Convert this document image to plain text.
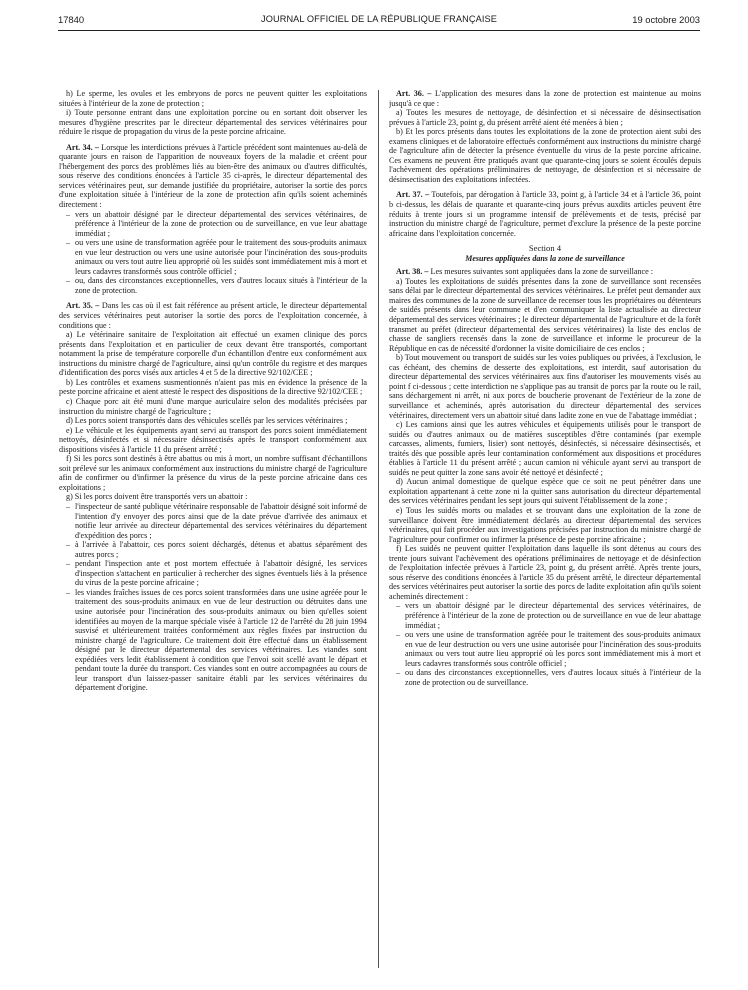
17840	JOURNAL OFFICIEL DE LA RÉPUBLIQUE FRANÇAISE	19 octobre 2003

h) Le sperme, les ovules et les embryons de porcs ne peuvent quitter les exploitations situées à l'intérieur de la zone de protection ;

i) Toute personne entrant dans une exploitation porcine ou en sortant doit observer les mesures d'hygiène prescrites par le directeur départemental des services vétérinaires pour réduire le risque de propagation du virus de la peste porcine africaine.

Art. 34. – Lorsque les interdictions prévues à l'article précédent sont maintenues au-delà de quarante jours en raison de l'apparition de nouveaux foyers de la maladie et créent pour l'hébergement des porcs des problèmes liés au bien-être des animaux ou d'autres difficultés, sous réserve des conditions énoncées à l'article 35 ci-après, le directeur départemental des services vétérinaires peut, sur demande justifiée du propriétaire, autoriser la sortie des porcs d'une exploitation située à l'intérieur de la zone de protection afin qu'ils soient acheminés directement :

– vers un abattoir désigné par le directeur départemental des services vétérinaires, de préférence à l'intérieur de la zone de protection ou de surveillance, en vue leur abattage immédiat ;
– ou vers une usine de transformation agréée pour le traitement des sous-produits animaux en vue leur destruction ou vers une usine autorisée pour l'incinération des sous-produits animaux ou vers tout autre lieu approprié où les suidés sont immédiatement mis à mort et leurs cadavres transformés sous contrôle officiel ;
– ou, dans des circonstances exceptionnelles, vers d'autres locaux situés à l'intérieur de la zone de protection.

Art. 35. – Dans les cas où il est fait référence au présent article, le directeur départemental des services vétérinaires peut autoriser la sortie des porcs de l'exploitation concernée, à conditions que :

a) Le vétérinaire sanitaire de l'exploitation ait effectué un examen clinique des porcs présents dans l'exploitation et en particulier de ceux devant être transportés, comportant notamment la prise de température corporelle d'un échantillon d'entre eux conformément aux instructions du ministre chargé de l'agriculture, ainsi qu'un contrôle du registre et des marques d'identification des porcs visés aux articles 4 et 5 de la directive 92/102/CEE ;

b) Les contrôles et examens susmentionnés n'aient pas mis en évidence la présence de la peste porcine africaine et aient attesté le respect des dispositions de la directive 92/102/CEE ;

c) Chaque porc ait été muni d'une marque auriculaire selon des modalités précisées par instruction du ministre chargé de l'agriculture ;

d) Les porcs soient transportés dans des véhicules scellés par les services vétérinaires ;

e) Le véhicule et les équipements ayant servi au transport des porcs soient immédiatement nettoyés, désinfectés et si nécessaire désinsectisés après le transport conformément aux dispositions visées à l'article 11 du présent arrêté ;

f) Si les porcs sont destinés à être abattus ou mis à mort, un nombre suffisant d'échantillons soit prélevé sur les animaux conformément aux instructions du ministre chargé de l'agriculture afin de confirmer ou d'infirmer la présence du virus de la peste porcine africaine dans ces exploitations ;

g) Si les porcs doivent être transportés vers un abattoir :

– l'inspecteur de santé publique vétérinaire responsable de l'abattoir désigné soit informé de l'intention d'y envoyer des porcs ainsi que de la date prévue d'arrivée des animaux et notifie leur arrivée au directeur départemental des services vétérinaires du département d'expédition des porcs ;
– à l'arrivée à l'abattoir, ces porcs soient déchargés, détenus et abattus séparément des autres porcs ;
– pendant l'inspection ante et post mortem effectuée à l'abattoir désigné, les services d'inspection s'attachent en particulier à rechercher des signes éventuels liés à la présence du virus de la peste porcine africaine ;
– les viandes fraîches issues de ces porcs soient transformées dans une usine agréée pour le traitement des sous-produits animaux en vue de leur destruction ou détruites dans une usine autorisée pour l'incinération des sous-produits animaux ou bien qu'elles soient identifiées au moyen de la marque spéciale visée à l'article 12 de l'arrêté du 28 juin 1994 susvisé et ultérieurement traitées conformément aux règles fixées par instruction du ministre chargé de l'agriculture. Ce traitement doit être effectué dans un établissement désigné par le directeur départemental des services vétérinaires. Les viandes sont expédiées vers ledit établissement à condition que l'envoi soit scellé avant le départ et pendant toute la durée du transport. Ces viandes sont en outre accompagnées au cours de leur transport d'un laissez-passer sanitaire établi par les services vétérinaires du département d'origine.

Art. 36. – L'application des mesures dans la zone de protection est maintenue au moins jusqu'à ce que :

a) Toutes les mesures de nettoyage, de désinfection et si nécessaire de désinsectisation prévues à l'article 23, point g, du présent arrêté aient été menées à bien ;

b) Et les porcs présents dans toutes les exploitations de la zone de protection aient subi des examens cliniques et de laboratoire effectués conformément aux instructions du ministre chargé de l'agriculture afin de détecter la présence éventuelle du virus de la peste porcine africaine. Ces examens ne peuvent être pratiqués avant que quarante-cinq jours se soient écoulés depuis l'achèvement des opérations préliminaires de nettoyage, de désinfection et si nécessaire de désinsectisation des exploitations infectées.

Art. 37. – Toutefois, par dérogation à l'article 33, point g, à l'article 34 et à l'article 36, point b ci-dessus, les délais de quarante et quarante-cinq jours prévus auxdits articles peuvent être réduits à trente jours si un programme intensif de prélèvements et de tests, précisé par instruction du ministre chargé de l'agriculture, permet d'exclure la présence de la peste porcine africaine dans l'exploitation concernée.

Section 4
Mesures appliquées dans la zone de surveillance

Art. 38. – Les mesures suivantes sont appliquées dans la zone de surveillance :

a) Toutes les exploitations de suidés présentes dans la zone de surveillance sont recensées sans délai par le directeur départemental des services vétérinaires. Le préfet peut demander aux maires des communes de la zone de surveillance de recenser tous les propriétaires ou détenteurs de suidés présents dans leur commune et d'en communiquer la liste actualisée au directeur départemental des services vétérinaires ; le directeur départemental de l'agriculture et de la forêt transmet au préfet (directeur départemental des services vétérinaires) la liste des enclos de chasse de sangliers recensés dans la zone de surveillance et informe le procureur de la République en cas de nécessité d'ordonner la visite domiciliaire de ces enclos ;

b) Tout mouvement ou transport de suidés sur les voies publiques ou privées, à l'exclusion, le cas échéant, des chemins de desserte des exploitations, est interdit, sauf autorisation du directeur départemental des services vétérinaires aux fins d'autoriser les mouvements visés au point f ci-dessous ; cette interdiction ne s'applique pas au transit de porcs par la route ou le rail, sans déchargement ni arrêt, ni aux porcs de boucherie provenant de l'extérieur de la zone de surveillance et acheminés, après autorisation du directeur départemental des services vétérinaires, directement vers un abattoir situé dans ladite zone en vue de l'abattage immédiat ;

c) Les camions ainsi que les autres véhicules et équipements utilisés pour le transport de suidés ou d'autres animaux ou de matières susceptibles d'être contaminés (par exemple carcasses, aliments, fumiers, lisier) sont nettoyés, désinfectés, si nécessaire désinsectisés, et traités dès que possible après leur contamination conformément aux dispositions et procédures établies à l'article 11 du présent arrêté ; aucun camion ni véhicule ayant servi au transport de suidés ne peut quitter la zone sans avoir été nettoyé et désinfecté ;

d) Aucun animal domestique de quelque espèce que ce soit ne peut pénétrer dans une exploitation appartenant à cette zone ni la quitter sans autorisation du directeur départemental des services vétérinaires pendant les sept jours qui suivent l'établissement de la zone ;

e) Tous les suidés morts ou malades et se trouvant dans une exploitation de la zone de surveillance doivent être immédiatement déclarés au directeur départemental des services vétérinaires, qui fait procéder aux investigations précisées par instruction du ministre chargé de l'agriculture pour confirmer ou infirmer la présence de peste porcine africaine ;

f) Les suidés ne peuvent quitter l'exploitation dans laquelle ils sont détenus au cours des trente jours suivant l'achèvement des opérations préliminaires de nettoyage et de désinfection de l'exploitation infectée prévues à l'article 23, point g, du présent arrêté. Après trente jours, sous réserve des conditions énoncées à l'article 35 du présent arrêté, le directeur départemental des services vétérinaires peut autoriser la sortie des porcs de ladite exploitation afin qu'ils soient acheminés directement :

– vers un abattoir désigné par le directeur départemental des services vétérinaires, de préférence à l'intérieur de la zone de protection ou de surveillance en vue de leur abattage immédiat ;
– ou vers une usine de transformation agréée pour le traitement des sous-produits animaux en vue de leur destruction ou vers une usine autorisée pour l'incinération des sous-produits animaux ou vers tout autre lieu approprié où les porcs sont immédiatement mis à mort et leurs cadavres transformés sous contrôle officiel ;
– ou dans des circonstances exceptionnelles, vers d'autres locaux situés à l'intérieur de la zone de protection ou de surveillance.
